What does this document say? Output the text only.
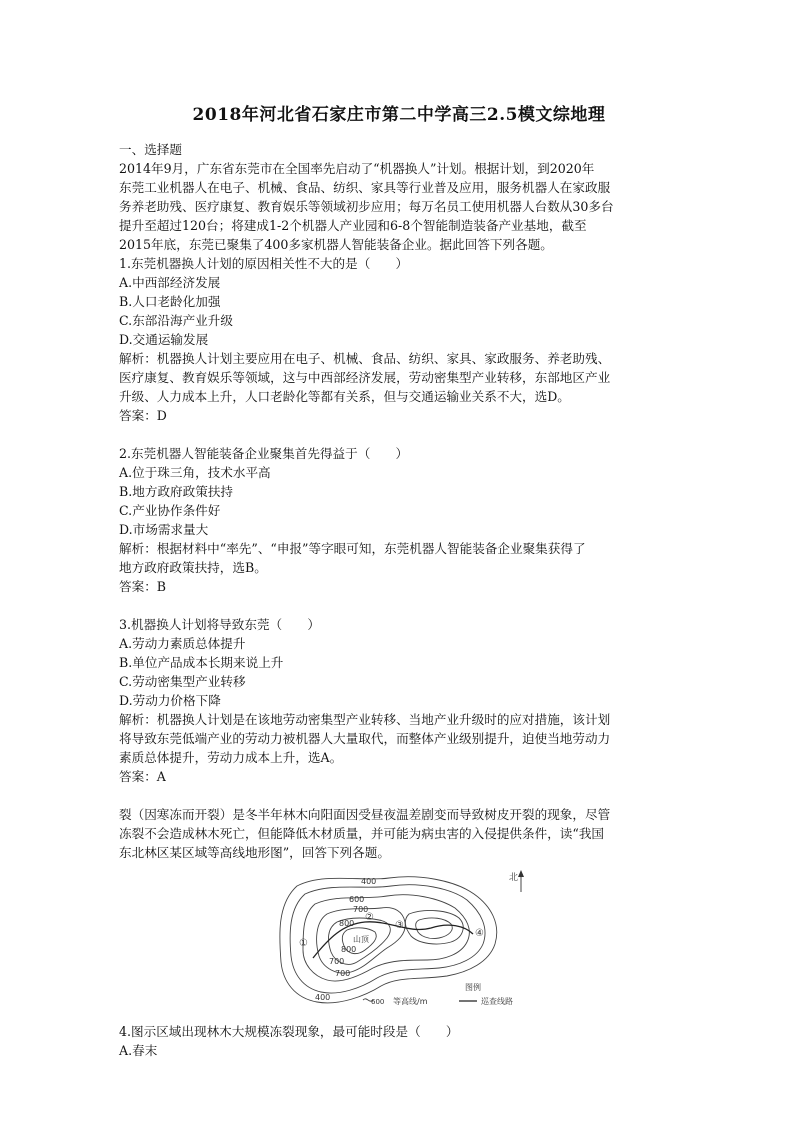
2018年河北省石家庄市第二中学高三2.5模文综地理
一、选择题
2014年9月，广东省东莞市在全国率先启动了“机器换人”计划。根据计划，到2020年
东莞工业机器人在电子、机械、食品、纺织、家具等行业普及应用，服务机器人在家政服
务养老助残、医疗康复、教育娱乐等领域初步应用；每万名员工使用机器人台数从30多台
提升至超过120台；将建成1-2个机器人产业园和6-8个智能制造装备产业基地，截至
2015年底，东莞已聚集了400多家机器人智能装备企业。据此回答下列各题。
1.东莞机器换人计划的原因相关性不大的是（　　）
A.中西部经济发展
B.人口老龄化加强
C.东部沿海产业升级
D.交通运输发展
解析：机器换人计划主要应用在电子、机械、食品、纺织、家具、家政服务、养老助残、
医疗康复、教育娱乐等领域，这与中西部经济发展，劳动密集型产业转移，东部地区产业
升级、人力成本上升，人口老龄化等都有关系，但与交通运输业关系不大，选D。
答案：D
2.东莞机器人智能装备企业聚集首先得益于（　　）
A.位于珠三角，技术水平高
B.地方政府政策扶持
C.产业协作条件好
D.市场需求量大
解析：根据材料中“率先”、“申报”等字眼可知，东莞机器人智能装备企业聚集获得了
地方政府政策扶持，选B。
答案：B
3.机器换人计划将导致东莞（　　）
A.劳动力素质总体提升
B.单位产品成本长期来说上升
C.劳动密集型产业转移
D.劳动力价格下降
解析：机器换人计划是在该地劳动密集型产业转移、当地产业升级时的应对措施，该计划
将导致东莞低端产业的劳动力被机器人大量取代，而整体产业级别提升，迫使当地劳动力
素质总体提升，劳动力成本上升，选A。
答案：A
裂（因寒冻而开裂）是冬半年林木向阳面因受昼夜温差剧变而导致树皮开裂的现象，尽管
冻裂不会造成林木死亡，但能降低木材质量，并可能为病虫害的入侵提供条件，读“我国
东北林区某区域等高线地形图”，回答下列各题。
400
600
700
800
700
800
700
400
山顶
①
②
③
④
北
图例
600 等高线/m	巡查线路
4.图示区域出现林木大规模冻裂现象，最可能时段是（　　）
A.春末
